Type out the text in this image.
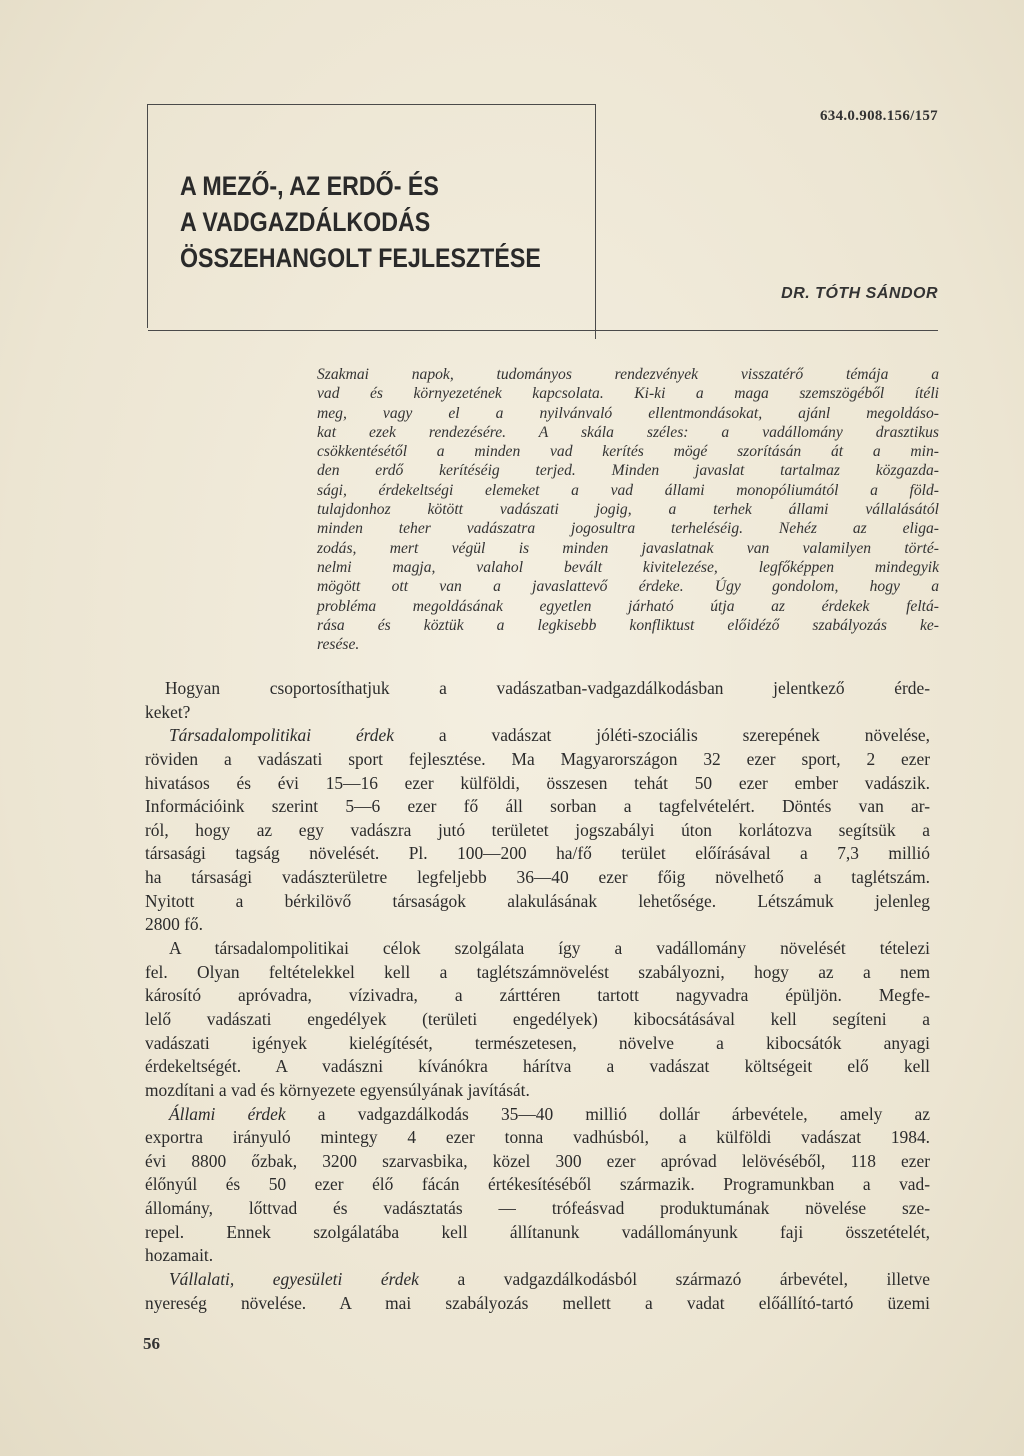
634.0.908.156/157
A MEZŐ-, AZ ERDŐ- ÉS
A VADGAZDÁLKODÁS
ÖSSZEHANGOLT FEJLESZTÉSE
DR. TÓTH SÁNDOR
Szakmai napok, tudományos rendezvények visszatérő témája a
vad és környezetének kapcsolata. Ki-ki a maga szemszögéből ítéli
meg, vagy el a nyilvánvaló ellentmondásokat, ajánl megoldáso-
kat ezek rendezésére. A skála széles: a vadállomány drasztikus
csökkentésétől a minden vad kerítés mögé szorításán át a min-
den erdő kerítéséig terjed. Minden javaslat tartalmaz közgazda-
sági, érdekeltségi elemeket a vad állami monopóliumától a föld-
tulajdonhoz kötött vadászati jogig, a terhek állami vállalásától
minden teher vadászatra jogosultra terheléséig. Nehéz az eliga-
zodás, mert végül is minden javaslatnak van valamilyen törté-
nelmi magja, valahol bevált kivitelezése, legfőképpen mindegyik
mögött ott van a javaslattevő érdeke. Úgy gondolom, hogy a
probléma megoldásának egyetlen járható útja az érdekek feltá-
rása és köztük a legkisebb konfliktust előidéző szabályozás ke-
resése.
Hogyan csoportosíthatjuk a vadászatban-vadgazdálkodásban jelentkező érde-
keket?
Társadalompolitikai érdek a vadászat jóléti-szociális szerepének növelése,
röviden a vadászati sport fejlesztése. Ma Magyarországon 32 ezer sport, 2 ezer
hivatásos és évi 15—16 ezer külföldi, összesen tehát 50 ezer ember vadászik.
Információink szerint 5—6 ezer fő áll sorban a tagfelvételért. Döntés van ar-
ról, hogy az egy vadászra jutó területet jogszabályi úton korlátozva segítsük a
társasági tagság növelését. Pl. 100—200 ha/fő terület előírásával a 7,3 millió
ha társasági vadászterületre legfeljebb 36—40 ezer főig növelhető a taglétszám.
Nyitott a bérkilövő társaságok alakulásának lehetősége. Létszámuk jelenleg
2800 fő.
A társadalompolitikai célok szolgálata így a vadállomány növelését tételezi
fel. Olyan feltételekkel kell a taglétszámnövelést szabályozni, hogy az a nem
károsító apróvadra, vízivadra, a zárttéren tartott nagyvadra épüljön. Megfe-
lelő vadászati engedélyek (területi engedélyek) kibocsátásával kell segíteni a
vadászati igények kielégítését, természetesen, növelve a kibocsátók anyagi
érdekeltségét. A vadászni kívánókra hárítva a vadászat költségeit elő kell
mozdítani a vad és környezete egyensúlyának javítását.
Állami érdek a vadgazdálkodás 35—40 millió dollár árbevétele, amely az
exportra irányuló mintegy 4 ezer tonna vadhúsból, a külföldi vadászat 1984.
évi 8800 őzbak, 3200 szarvasbika, közel 300 ezer apróvad lelövéséből, 118 ezer
élőnyúl és 50 ezer élő fácán értékesítéséből származik. Programunkban a vad-
állomány, lőttvad és vadásztatás — trófeásvad produktumának növelése sze-
repel. Ennek szolgálatába kell állítanunk vadállományunk faji összetételét,
hozamait.
Vállalati, egyesületi érdek a vadgazdálkodásból származó árbevétel, illetve
nyereség növelése. A mai szabályozás mellett a vadat előállító-tartó üzemi
56
